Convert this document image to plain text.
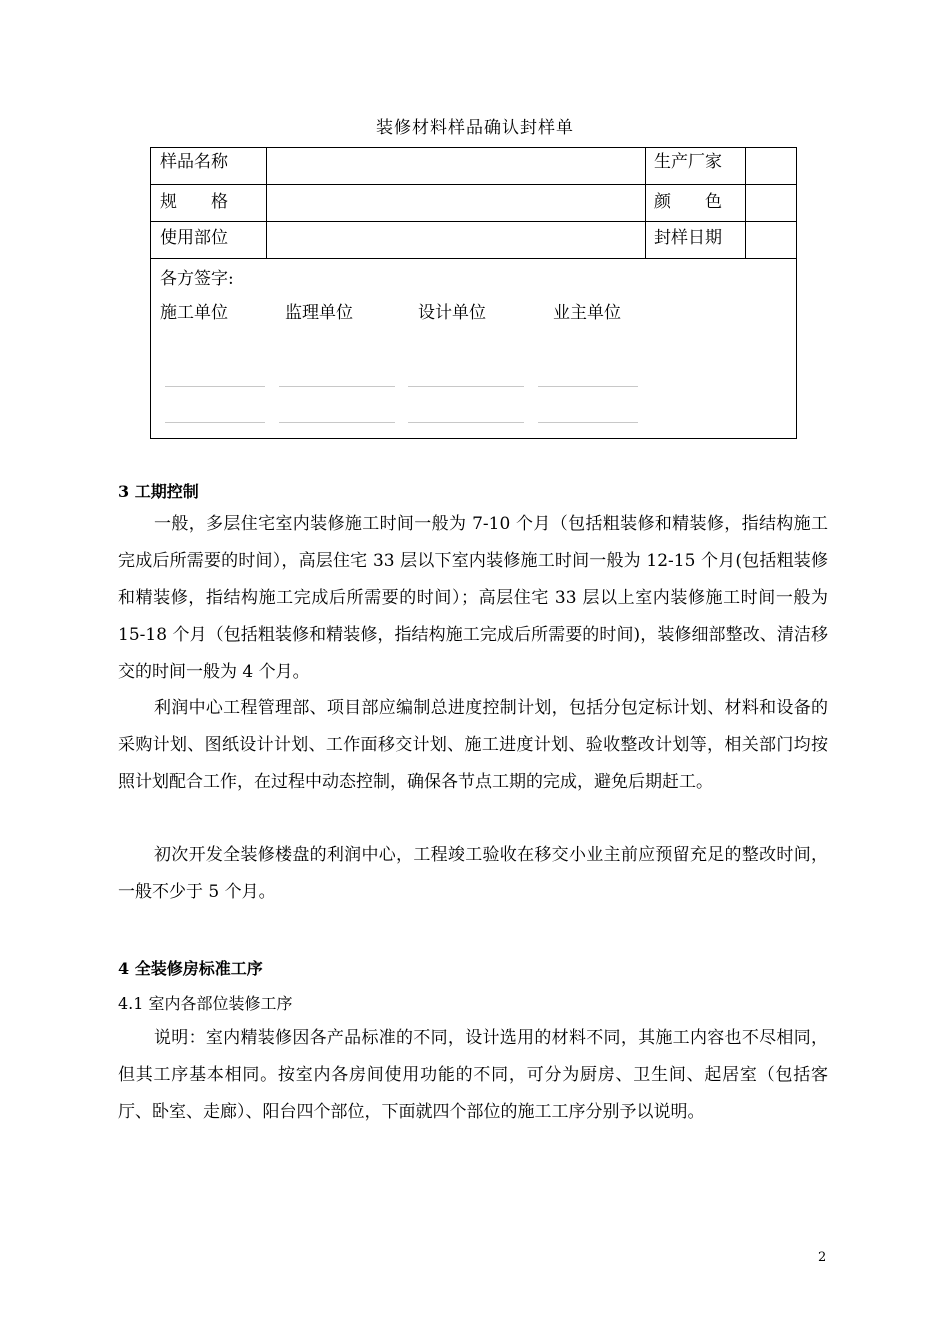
装修材料样品确认封样单
样品名称	生产厂家
规　　格	颜　　色
使用部位	封样日期
各方签字:
施工单位	监理单位	设计单位	业主单位
3 工期控制

一般，多层住宅室内装修施工时间一般为 7-10 个月（包括粗装修和精装修，指结构施工完成后所需要的时间），高层住宅 33 层以下室内装修施工时间一般为 12-15 个月(包括粗装修和精装修，指结构施工完成后所需要的时间）；高层住宅 33 层以上室内装修施工时间一般为 15-18 个月（包括粗装修和精装修，指结构施工完成后所需要的时间)，装修细部整改、清洁移交的时间一般为 4 个月。

利润中心工程管理部、项目部应编制总进度控制计划，包括分包定标计划、材料和设备的采购计划、图纸设计计划、工作面移交计划、施工进度计划、验收整改计划等，相关部门均按照计划配合工作，在过程中动态控制，确保各节点工期的完成，避免后期赶工。

初次开发全装修楼盘的利润中心，工程竣工验收在移交小业主前应预留充足的整改时间，一般不少于 5 个月。

4 全装修房标准工序
4.1 室内各部位装修工序

说明：室内精装修因各产品标准的不同，设计选用的材料不同，其施工内容也不尽相同，但其工序基本相同。按室内各房间使用功能的不同，可分为厨房、卫生间、起居室（包括客厅、卧室、走廊）、阳台四个部位，下面就四个部位的施工工序分别予以说明。

2
